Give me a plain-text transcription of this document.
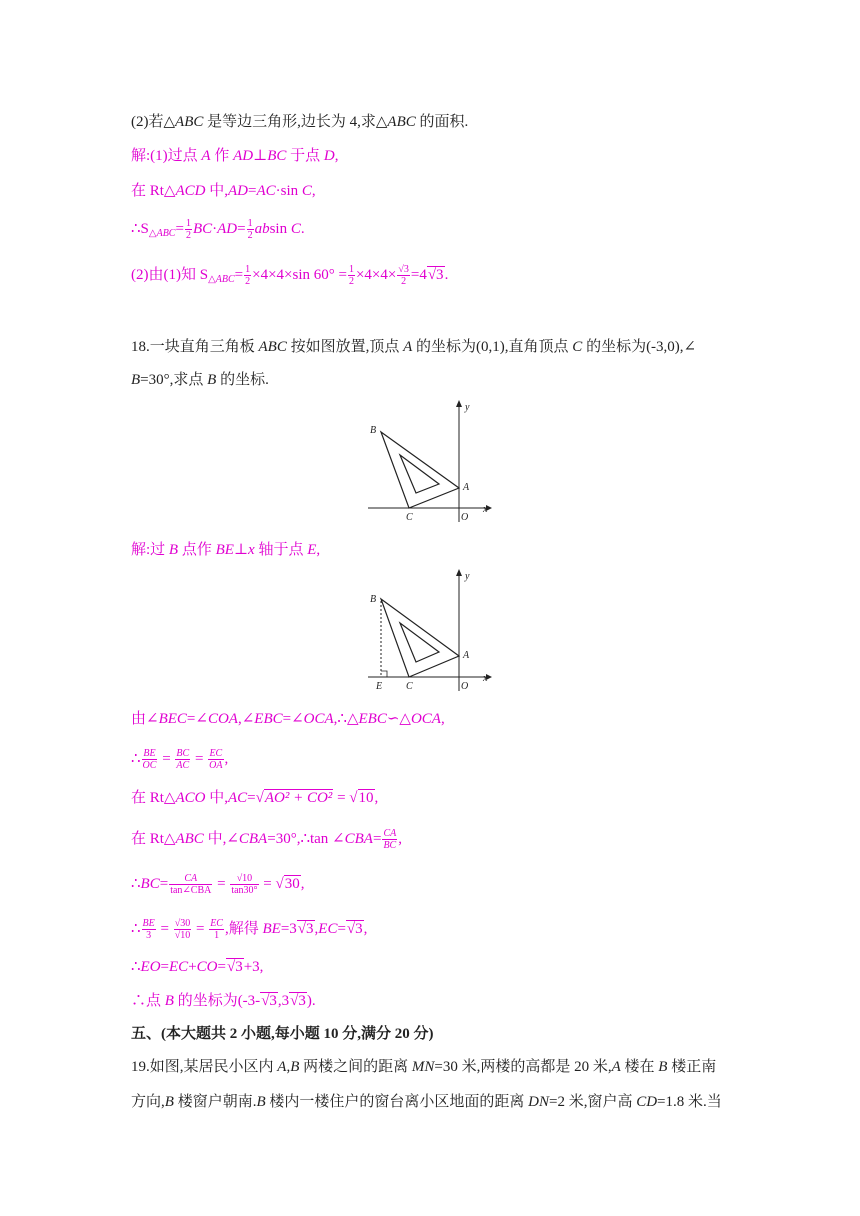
(2)若△ABC 是等边三角形,边长为 4,求△ABC 的面积.
解:(1)过点 A 作 AD⊥BC 于点 D,
在 Rt△ACD 中,AD=AC·sin C,
$\therefore S_{\triangle ABC}= \frac{1}{2} BC\cdot AD= \frac{1}{2}$ absin C.
(2)由(1)知 $S_{\triangle ABC}= \frac{1}{2} \times 4\times 4\times\sin$ $60^\circ = \frac{1}{2} \times 4\times 4\times \frac{√3}{2} =4√3$.
18.一块直角三角板 ABC 按如图放置,顶点 A 的坐标为(0,1),直角顶点 C 的坐标为(-3,0),∠
B=30°,求点 B 的坐标.
B
A
C	O
x
y
解:过 B 点作 BE⊥x 轴于点 E,
B
A
C
E	O
x
y
由∠BEC=∠COA,∠EBC=∠OCA,∴△EBC∽△OCA,
∴ $\frac{BE}{OC} = \frac{BC}{AC} = \frac{EC}{OA}$ ,
在 Rt△ACO 中,AC=√AO² + CO² = √10,
在 Rt△ABC 中,∠CBA=30°,∴tan ∠CBA= $\frac{CA}{BC}$ ,
∴BC= $\frac{CA}{\text{tan∠CBA}} = \frac{√10}{\tan 30^\circ} = √30$,
∴ $\frac{BE}{3} = \frac{√30}{√10} = \frac{EC}{1}$ ,解得 BE=3√3,EC=√3,
∴EO=EC+CO=√3+3,
∴点 B 的坐标为(-3-√3,3√3).
五、(本大题共 2 小题,每小题 10 分,满分 20 分)
19.如图,某居民小区内 A,B 两楼之间的距离 MN=30 米,两楼的高都是 20 米,A 楼在 B 楼正南
方向,B 楼窗户朝南.B 楼内一楼住户的窗台离小区地面的距离 DN=2 米,窗户高 CD=1.8 米.当
